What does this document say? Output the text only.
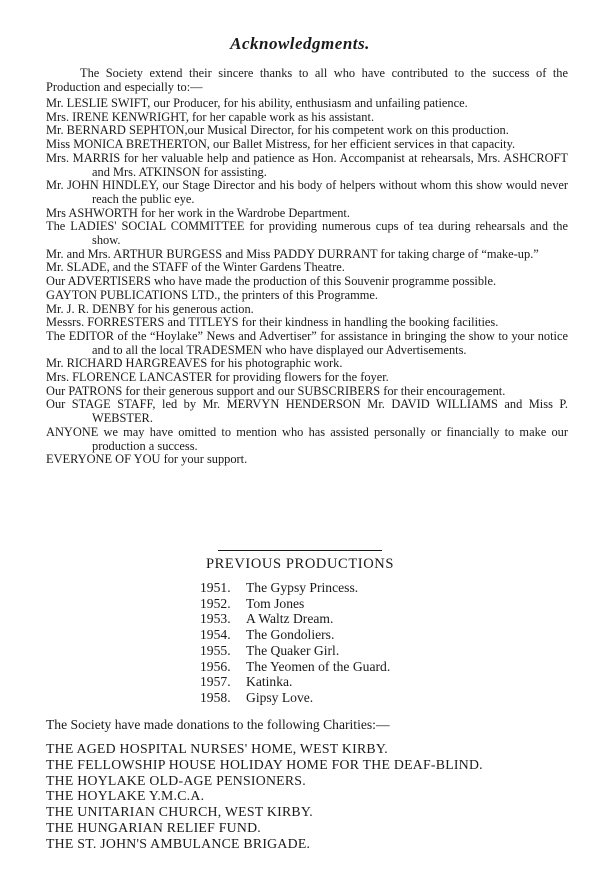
Acknowledgments.

The Society extend their sincere thanks to all who have contributed to the success of the Production and especially to:—

Mr. LESLIE SWIFT, our Producer, for his ability, enthusiasm and unfailing patience.

Mrs. IRENE KENWRIGHT, for her capable work as his assistant.

Mr. BERNARD SEPHTON,our Musical Director, for his competent work on this production.

Miss MONICA BRETHERTON, our Ballet Mistress, for her efficient services in that capacity.

Mrs. MARRIS for her valuable help and patience as Hon. Accompanist at rehearsals, Mrs. ASHCROFT and Mrs. ATKINSON for assisting.

Mr. JOHN HINDLEY, our Stage Director and his body of helpers without whom this show would never reach the public eye.

Mrs ASHWORTH for her work in the Wardrobe Department.

The LADIES' SOCIAL COMMITTEE for providing numerous cups of tea during rehearsals and the show.

Mr. and Mrs. ARTHUR BURGESS and Miss PADDY DURRANT for taking charge of “make-up.”

Mr. SLADE, and the STAFF of the Winter Gardens Theatre.

Our ADVERTISERS who have made the production of this Souvenir programme possible.

GAYTON PUBLICATIONS LTD., the printers of this Programme.

Mr. J. R. DENBY for his generous action.

Messrs. FORRESTERS and TITLEYS for their kindness in handling the booking facilities.

The EDITOR of the “Hoylake” News and Advertiser” for assistance in bringing the show to your notice and to all the local TRADESMEN who have displayed our Advertisements.

Mr. RICHARD HARGREAVES for his photographic work.

Mrs. FLORENCE LANCASTER for providing flowers for the foyer.

Our PATRONS for their generous support and our SUBSCRIBERS for their encouragement.

Our STAGE STAFF, led by Mr. MERVYN HENDERSON Mr. DAVID WILLIAMS and Miss P. WEBSTER.

ANYONE we may have omitted to mention who has assisted personally or financially to make our production a success.

EVERYONE OF YOU for your support.

PREVIOUS PRODUCTIONS
1951. The Gypsy Princess.
1952. Tom Jones
1953. A Waltz Dream.
1954. The Gondoliers.
1955. The Quaker Girl.
1956. The Yeomen of the Guard.
1957. Katinka.
1958. Gipsy Love.
The Society have made donations to the following Charities:—
THE AGED HOSPITAL NURSES' HOME, WEST KIRBY.
THE FELLOWSHIP HOUSE HOLIDAY HOME FOR THE DEAF-BLIND.
THE HOYLAKE OLD-AGE PENSIONERS.
THE HOYLAKE Y.M.C.A.
THE UNITARIAN CHURCH, WEST KIRBY.
THE HUNGARIAN RELIEF FUND.
THE ST. JOHN'S AMBULANCE BRIGADE.
